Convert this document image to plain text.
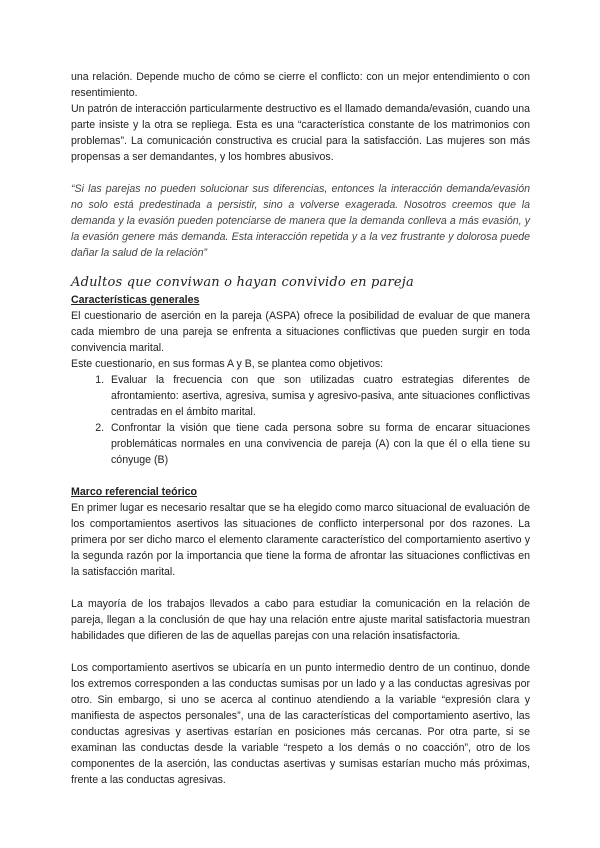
una relación. Depende mucho de cómo se cierre el conflicto: con un mejor entendimiento o con resentimiento.

Un patrón de interacción particularmente destructivo es el llamado demanda/evasión, cuando una parte insiste y la otra se repliega. Esta es una “característica constante de los matrimonios con problemas”. La comunicación constructiva es crucial para la satisfacción. Las mujeres son más propensas a ser demandantes, y los hombres abusivos.

“Si las parejas no pueden solucionar sus diferencias, entonces la interacción demanda/evasión no solo está predestinada a persistir, sino a volverse exagerada. Nosotros creemos que la demanda y la evasión pueden potenciarse de manera que la demanda conlleva a más evasión, y la evasión genere más demanda. Esta interacción repetida y a la vez frustrante y dolorosa puede dañar la salud de la relación”

Adultos que conviwan o hayan convivido en pareja

Características generales

El cuestionario de aserción en la pareja (ASPA) ofrece la posibilidad de evaluar de que manera cada miembro de una pareja se enfrenta a situaciones conflictivas que pueden surgir en toda convivencia marital.

Este cuestionario, en sus formas A y B, se plantea como objetivos:

1. Evaluar la frecuencia con que son utilizadas cuatro estrategias diferentes de afrontamiento: asertiva, agresiva, sumisa y agresivo-pasiva, ante situaciones conflictivas centradas en el ámbito marital.
2. Confrontar la visión que tiene cada persona sobre su forma de encarar situaciones problemáticas normales en una convivencia de pareja (A) con la que él o ella tiene su cónyuge (B)

Marco referencial teórico

En primer lugar es necesario resaltar que se ha elegido como marco situacional de evaluación de los comportamientos asertivos las situaciones de conflicto interpersonal por dos razones. La primera por ser dicho marco el elemento claramente característico del comportamiento asertivo y la segunda razón por la importancia que tiene la forma de afrontar las situaciones conflictivas en la satisfacción marital.

La mayoría de los trabajos llevados a cabo para estudiar la comunicación en la relación de pareja, llegan a la conclusión de que hay una relación entre ajuste marital satisfactoria muestran habilidades que difieren de las de aquellas parejas con una relación insatisfactoria.

Los comportamiento asertivos se ubicaría en un punto intermedio dentro de un continuo, donde los extremos corresponden a las conductas sumisas por un lado y a las conductas agresivas por otro. Sin embargo, si uno se acerca al continuo atendiendo a la variable “expresión clara y manifiesta de aspectos personales”, una de las características del comportamiento asertivo, las conductas agresivas y asertivas estarían en posiciones más cercanas. Por otra parte, si se examinan las conductas desde la variable “respeto a los demás o no coacción”, otro de los componentes de la aserción, las conductas asertivas y sumisas estarían mucho más próximas, frente a las conductas agresivas.
